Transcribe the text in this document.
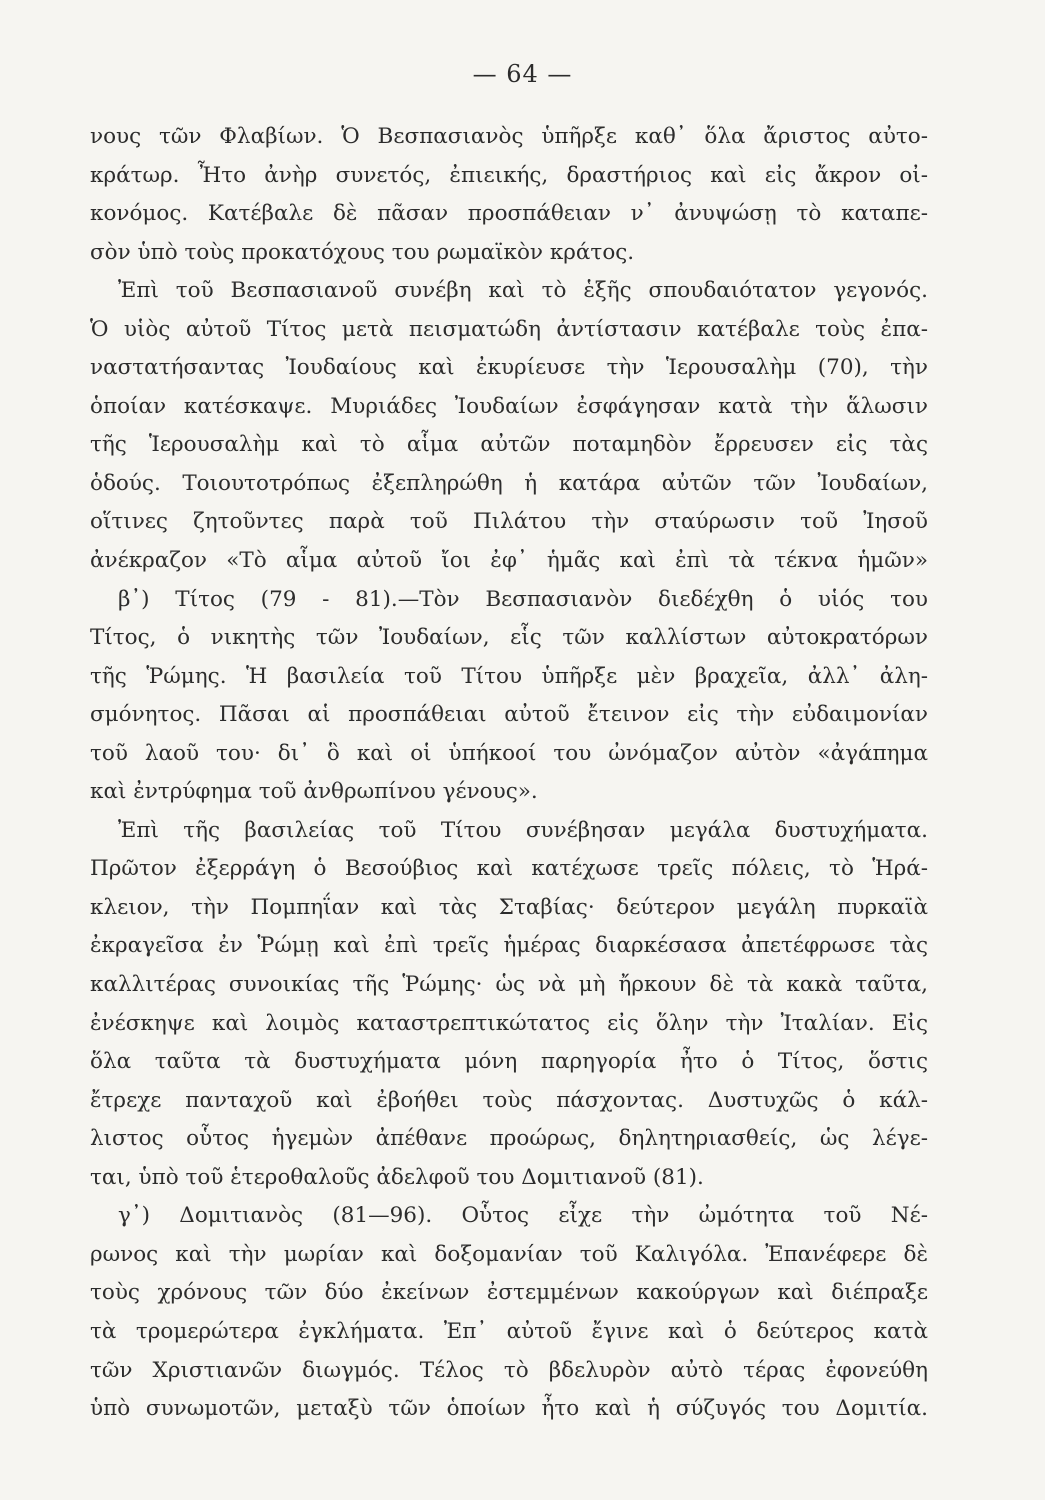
— 64 —
νους τῶν Φλαβίων. Ὁ Βεσπασιανὸς ὑπῆρξε καθ᾽ ὅλα ἄριστος αὐτο-
κράτωρ. Ἦτο ἀνὴρ συνετός, ἐπιεικής, δραστήριος καὶ εἰς ἄκρον οἰ-
κονόμος. Κατέβαλε δὲ πᾶσαν προσπάθειαν ν᾽ ἀνυψώσῃ τὸ καταπε-
σὸν ὑπὸ τοὺς προκατόχους του ρωμαϊκὸν κράτος.
Ἐπὶ τοῦ Βεσπασιανοῦ συνέβη καὶ τὸ ἑξῆς σπουδαιότατον γεγονός.
Ὁ υἱὸς αὐτοῦ Τίτος μετὰ πεισματώδη ἀντίστασιν κατέβαλε τοὺς ἐπα-
ναστατήσαντας Ἰουδαίους καὶ ἐκυρίευσε τὴν Ἱερουσαλὴμ (70), τὴν
ὁποίαν κατέσκαψε. Μυριάδες Ἰουδαίων ἐσφάγησαν κατὰ τὴν ἅλωσιν
τῆς Ἱερουσαλὴμ καὶ τὸ αἷμα αὐτῶν ποταμηδὸν ἔρρευσεν εἰς τὰς
ὁδούς. Τοιουτοτρόπως ἐξεπληρώθη ἡ κατάρα αὐτῶν τῶν Ἰουδαίων,
οἵτινες ζητοῦντες παρὰ τοῦ Πιλάτου τὴν σταύρωσιν τοῦ Ἰησοῦ
ἀνέκραζον «Τὸ αἷμα αὐτοῦ ἴοι ἐφ᾽ ἡμᾶς καὶ ἐπὶ τὰ τέκνα ἡμῶν»
β᾽) Τίτος (79 - 81).—Τὸν Βεσπασιανὸν διεδέχθη ὁ υἱός του
Τίτος, ὁ νικητὴς τῶν Ἰουδαίων, εἷς τῶν καλλίστων αὐτοκρατόρων
τῆς Ῥώμης. Ἡ βασιλεία τοῦ Τίτου ὑπῆρξε μὲν βραχεῖα, ἀλλ᾽ ἀλη-
σμόνητος. Πᾶσαι αἱ προσπάθειαι αὐτοῦ ἔτεινον εἰς τὴν εὐδαιμονίαν
τοῦ λαοῦ του· δι᾽ ὃ καὶ οἱ ὑπήκοοί του ὠνόμαζον αὐτὸν «ἀγάπημα
καὶ ἐντρύφημα τοῦ ἀνθρωπίνου γένους».
Ἐπὶ τῆς βασιλείας τοῦ Τίτου συνέβησαν μεγάλα δυστυχήματα.
Πρῶτον ἐξερράγη ὁ Βεσούβιος καὶ κατέχωσε τρεῖς πόλεις, τὸ Ἡρά-
κλειον, τὴν Πομπηΐαν καὶ τὰς Σταβίας· δεύτερον μεγάλη πυρκαϊὰ
ἐκραγεῖσα ἐν Ῥώμῃ καὶ ἐπὶ τρεῖς ἡμέρας διαρκέσασα ἀπετέφρωσε τὰς
καλλιτέρας συνοικίας τῆς Ῥώμης· ὡς νὰ μὴ ἤρκουν δὲ τὰ κακὰ ταῦτα,
ἐνέσκηψε καὶ λοιμὸς καταστρεπτικώτατος εἰς ὅλην τὴν Ἰταλίαν. Εἰς
ὅλα ταῦτα τὰ δυστυχήματα μόνη παρηγορία ἦτο ὁ Τίτος, ὅστις
ἔτρεχε πανταχοῦ καὶ ἐβοήθει τοὺς πάσχοντας. Δυστυχῶς ὁ κάλ-
λιστος οὗτος ἡγεμὼν ἀπέθανε προώρως, δηλητηριασθείς, ὡς λέγε-
ται, ὑπὸ τοῦ ἑτεροθαλοῦς ἀδελφοῦ του Δομιτιανοῦ (81).
γ᾽) Δομιτιανὸς (81—96). Οὗτος εἶχε τὴν ὠμότητα τοῦ Νέ-
ρωνος καὶ τὴν μωρίαν καὶ δοξομανίαν τοῦ Καλιγόλα. Ἐπανέφερε δὲ
τοὺς χρόνους τῶν δύο ἐκείνων ἐστεμμένων κακούργων καὶ διέπραξε
τὰ τρομερώτερα ἐγκλήματα. Ἐπ᾽ αὐτοῦ ἔγινε καὶ ὁ δεύτερος κατὰ
τῶν Χριστιανῶν διωγμός. Τέλος τὸ βδελυρὸν αὐτὸ τέρας ἐφονεύθη
ὑπὸ συνωμοτῶν, μεταξὺ τῶν ὁποίων ἦτο καὶ ἡ σύζυγός του Δομιτία.
